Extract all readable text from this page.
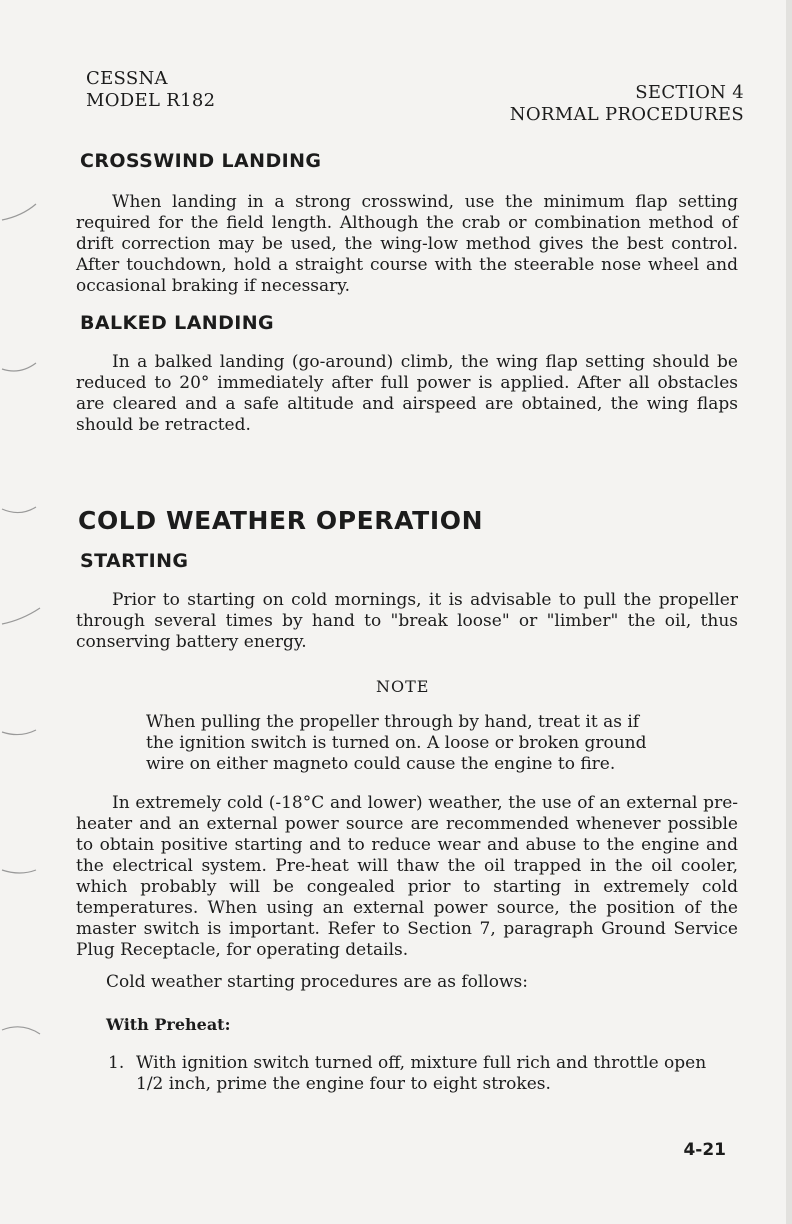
CESSNA
MODEL R182	SECTION 4
NORMAL PROCEDURES
CROSSWIND LANDING

When landing in a strong crosswind, use the minimum flap setting required for the field length. Although the crab or combination method of drift correction may be used, the wing-low method gives the best control. After touchdown, hold a straight course with the steerable nose wheel and occasional braking if necessary.

BALKED LANDING

In a balked landing (go-around) climb, the wing flap setting should be reduced to 20° immediately after full power is applied. After all obstacles are cleared and a safe altitude and airspeed are obtained, the wing flaps should be retracted.

COLD WEATHER OPERATION
STARTING

Prior to starting on cold mornings, it is advisable to pull the propeller through several times by hand to "break loose" or "limber" the oil, thus conserving battery energy.

NOTE

When pulling the propeller through by hand, treat it as if the ignition switch is turned on. A loose or broken ground wire on either magneto could cause the engine to fire.

In extremely cold (-18°C and lower) weather, the use of an external pre-heater and an external power source are recommended whenever possible to obtain positive starting and to reduce wear and abuse to the engine and the electrical system. Pre-heat will thaw the oil trapped in the oil cooler, which probably will be congealed prior to starting in extremely cold temperatures. When using an external power source, the position of the master switch is important. Refer to Section 7, paragraph Ground Service Plug Receptacle, for operating details.

Cold weather starting procedures are as follows:
With Preheat:
1. With ignition switch turned off, mixture full rich and throttle open 1/2 inch, prime the engine four to eight strokes.

4-21
